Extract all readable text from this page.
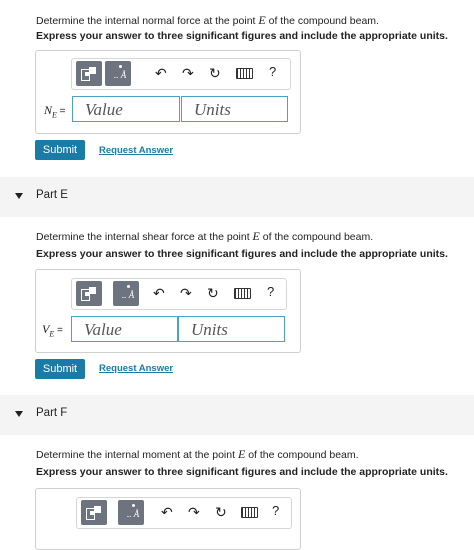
Determine the internal normal force at the point E of the compound beam.
Express your answer to three significant figures and include the appropriate units.
.. Å ↶ ↷ ↻	?
$N_E$ =	Value	Units
Submit	Request Answer
Part E
Determine the internal shear force at the point E of the compound beam.
Express your answer to three significant figures and include the appropriate units.
.. Å ↶ ↷ ↻	?
$V_E$ =	Value	Units
Submit	Request Answer
Part F
Determine the internal moment at the point E of the compound beam.
Express your answer to three significant figures and include the appropriate units.
.. Å ↶ ↷ ↻	?
